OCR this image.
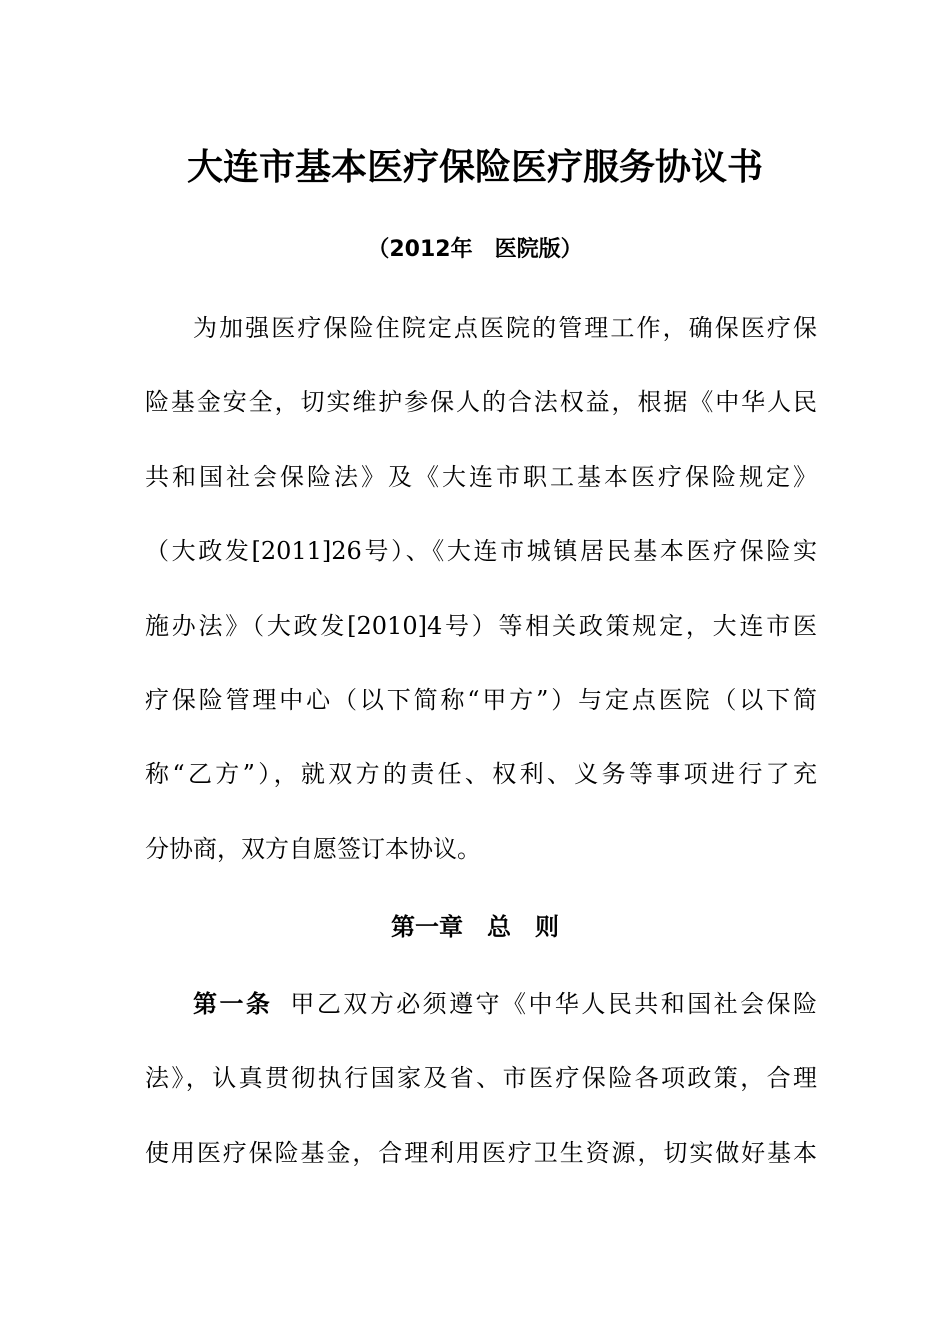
大连市基本医疗保险医疗服务协议书
（2012年　医院版）
为加强医疗保险住院定点医院的管理工作，确保医疗保
险基金安全，切实维护参保人的合法权益，根据《中华人民
共和国社会保险法》及《大连市职工基本医疗保险规定》
（大政发[2011]26号）、《大连市城镇居民基本医疗保险实
施办法》（大政发[2010]4号）等相关政策规定，大连市医
疗保险管理中心（以下简称“甲方”）与定点医院（以下简
称“乙方”），就双方的责任、权利、义务等事项进行了充
分协商，双方自愿签订本协议。
第一章　总　则
第一条 甲乙双方必须遵守《中华人民共和国社会保险
法》，认真贯彻执行国家及省、市医疗保险各项政策，合理
使用医疗保险基金，合理利用医疗卫生资源，切实做好基本
